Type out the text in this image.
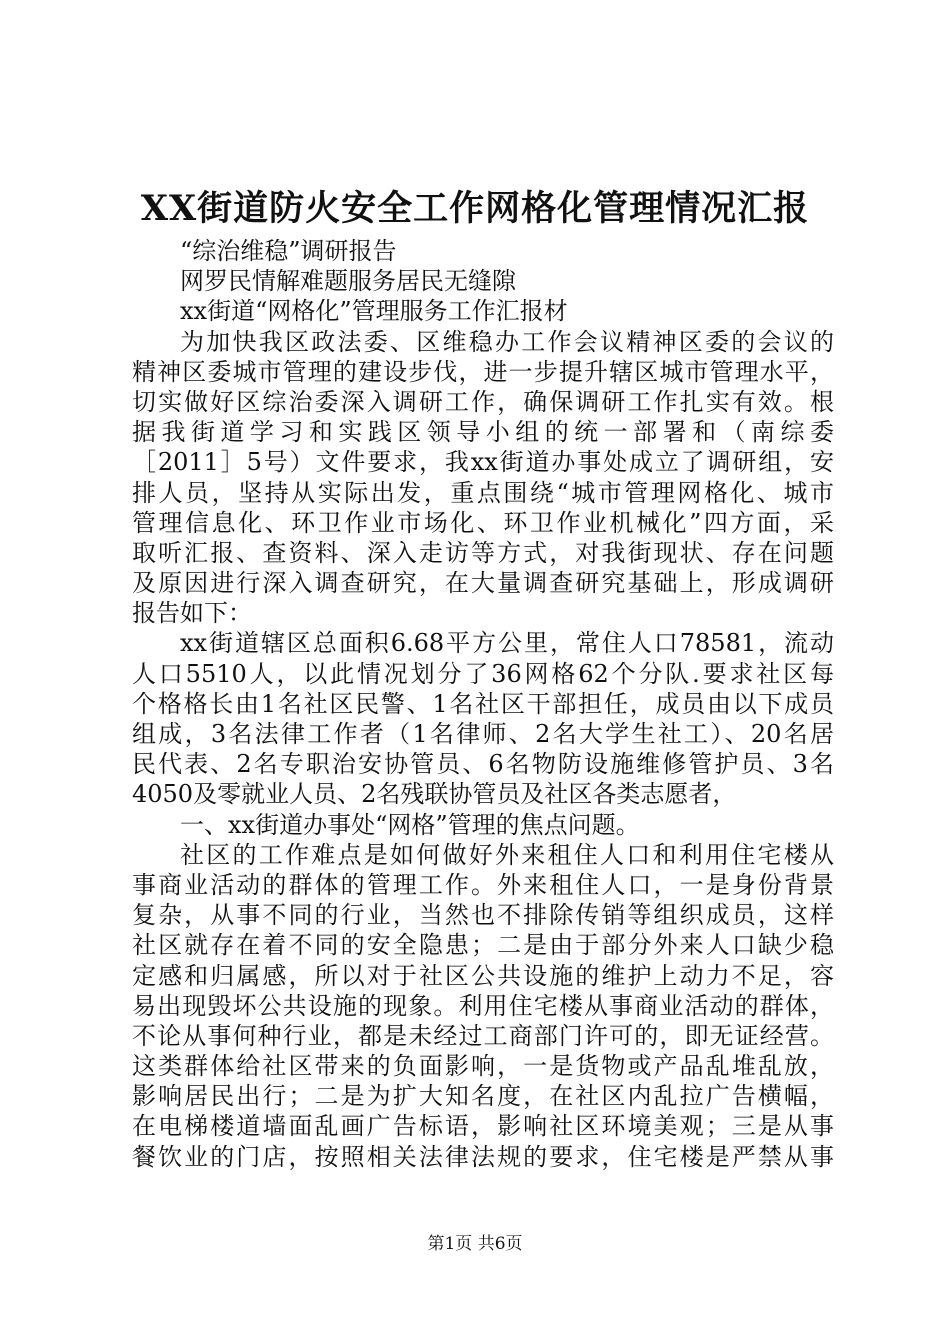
XX街道防火安全工作网格化管理情况汇报
“综治维稳”调研报告
网罗民情解难题服务居民无缝隙
xx街道“网格化”管理服务工作汇报材
为加快我区政法委、区维稳办工作会议精神区委的会议的
精神区委城市管理的建设步伐，进一步提升辖区城市管理水平，
切实做好区综治委深入调研工作，确保调研工作扎实有效。根
据我街道学习和实践区领导小组的统一部署和（南综委
［2011］5号）文件要求，我xx街道办事处成立了调研组，安
排人员，坚持从实际出发，重点围绕“城市管理网格化、城市
管理信息化、环卫作业市场化、环卫作业机械化”四方面，采
取听汇报、查资料、深入走访等方式，对我街现状、存在问题
及原因进行深入调查研究，在大量调查研究基础上，形成调研
报告如下：
xx街道辖区总面积6.68平方公里，常住人口78581，流动
人口5510人，以此情况划分了36网格62个分队.要求社区每
个格格长由1名社区民警、1名社区干部担任，成员由以下成员
组成，3名法律工作者（1名律师、2名大学生社工）、20名居
民代表、2名专职治安协管员、6名物防设施维修管护员、3名
4050及零就业人员、2名残联协管员及社区各类志愿者，
一、xx街道办事处“网格”管理的焦点问题。
社区的工作难点是如何做好外来租住人口和利用住宅楼从
事商业活动的群体的管理工作。外来租住人口，一是身份背景
复杂，从事不同的行业，当然也不排除传销等组织成员，这样
社区就存在着不同的安全隐患；二是由于部分外来人口缺少稳
定感和归属感，所以对于社区公共设施的维护上动力不足，容
易出现毁坏公共设施的现象。利用住宅楼从事商业活动的群体，
不论从事何种行业，都是未经过工商部门许可的，即无证经营。
这类群体给社区带来的负面影响，一是货物或产品乱堆乱放，
影响居民出行；二是为扩大知名度，在社区内乱拉广告横幅，
在电梯楼道墙面乱画广告标语，影响社区环境美观；三是从事
餐饮业的门店，按照相关法律法规的要求，住宅楼是严禁从事
第1页 共6页
